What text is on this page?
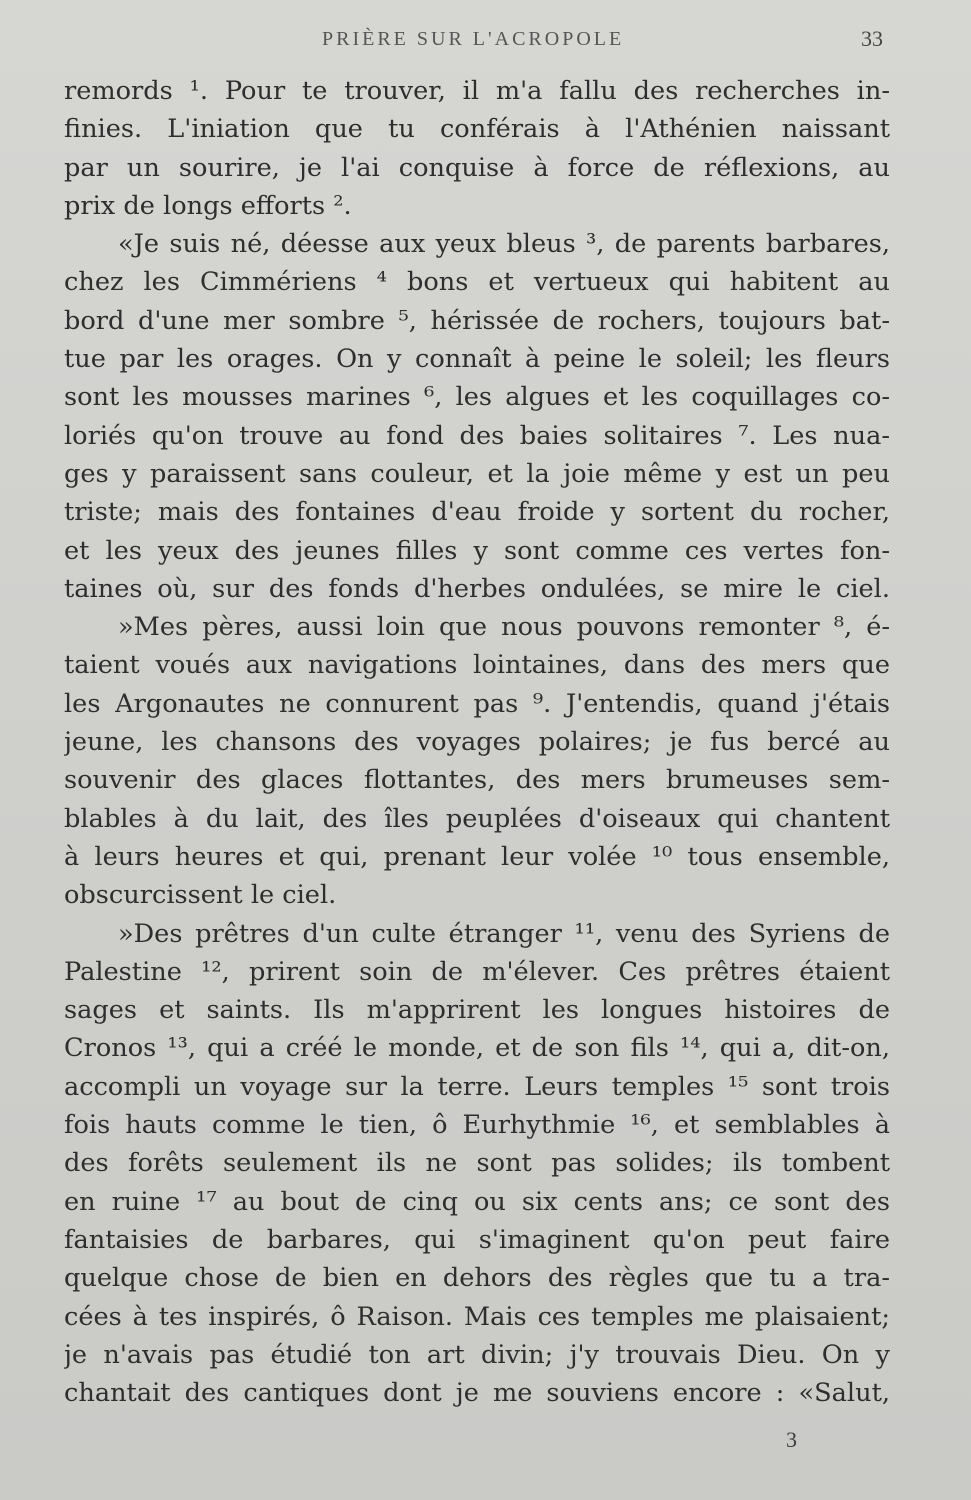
PRIÈRE SUR L'ACROPOLE	33
remords ¹. Pour te trouver, il m'a fallu des recherches in-
finies. L'iniation que tu conférais à l'Athénien naissant
par un sourire, je l'ai conquise à force de réflexions, au
prix de longs efforts ².
«Je suis né, déesse aux yeux bleus ³, de parents barbares,
chez les Cimmériens ⁴ bons et vertueux qui habitent au
bord d'une mer sombre ⁵, hérissée de rochers, toujours bat-
tue par les orages. On y connaît à peine le soleil; les fleurs
sont les mousses marines ⁶, les algues et les coquillages co-
loriés qu'on trouve au fond des baies solitaires ⁷. Les nua-
ges y paraissent sans couleur, et la joie même y est un peu
triste; mais des fontaines d'eau froide y sortent du rocher,
et les yeux des jeunes filles y sont comme ces vertes fon-
taines où, sur des fonds d'herbes ondulées, se mire le ciel.
»Mes pères, aussi loin que nous pouvons remonter ⁸, é-
taient voués aux navigations lointaines, dans des mers que
les Argonautes ne connurent pas ⁹. J'entendis, quand j'étais
jeune, les chansons des voyages polaires; je fus bercé au
souvenir des glaces flottantes, des mers brumeuses sem-
blables à du lait, des îles peuplées d'oiseaux qui chantent
à leurs heures et qui, prenant leur volée ¹⁰ tous ensemble,
obscurcissent le ciel.
»Des prêtres d'un culte étranger ¹¹, venu des Syriens de
Palestine ¹², prirent soin de m'élever. Ces prêtres étaient
sages et saints. Ils m'apprirent les longues histoires de
Cronos ¹³, qui a créé le monde, et de son fils ¹⁴, qui a, dit-on,
accompli un voyage sur la terre. Leurs temples ¹⁵ sont trois
fois hauts comme le tien, ô Eurhythmie ¹⁶, et semblables à
des forêts seulement ils ne sont pas solides; ils tombent
en ruine ¹⁷ au bout de cinq ou six cents ans; ce sont des
fantaisies de barbares, qui s'imaginent qu'on peut faire
quelque chose de bien en dehors des règles que tu a tra-
cées à tes inspirés, ô Raison. Mais ces temples me plaisaient;
je n'avais pas étudié ton art divin; j'y trouvais Dieu. On y
chantait des cantiques dont je me souviens encore : «Salut,
3
